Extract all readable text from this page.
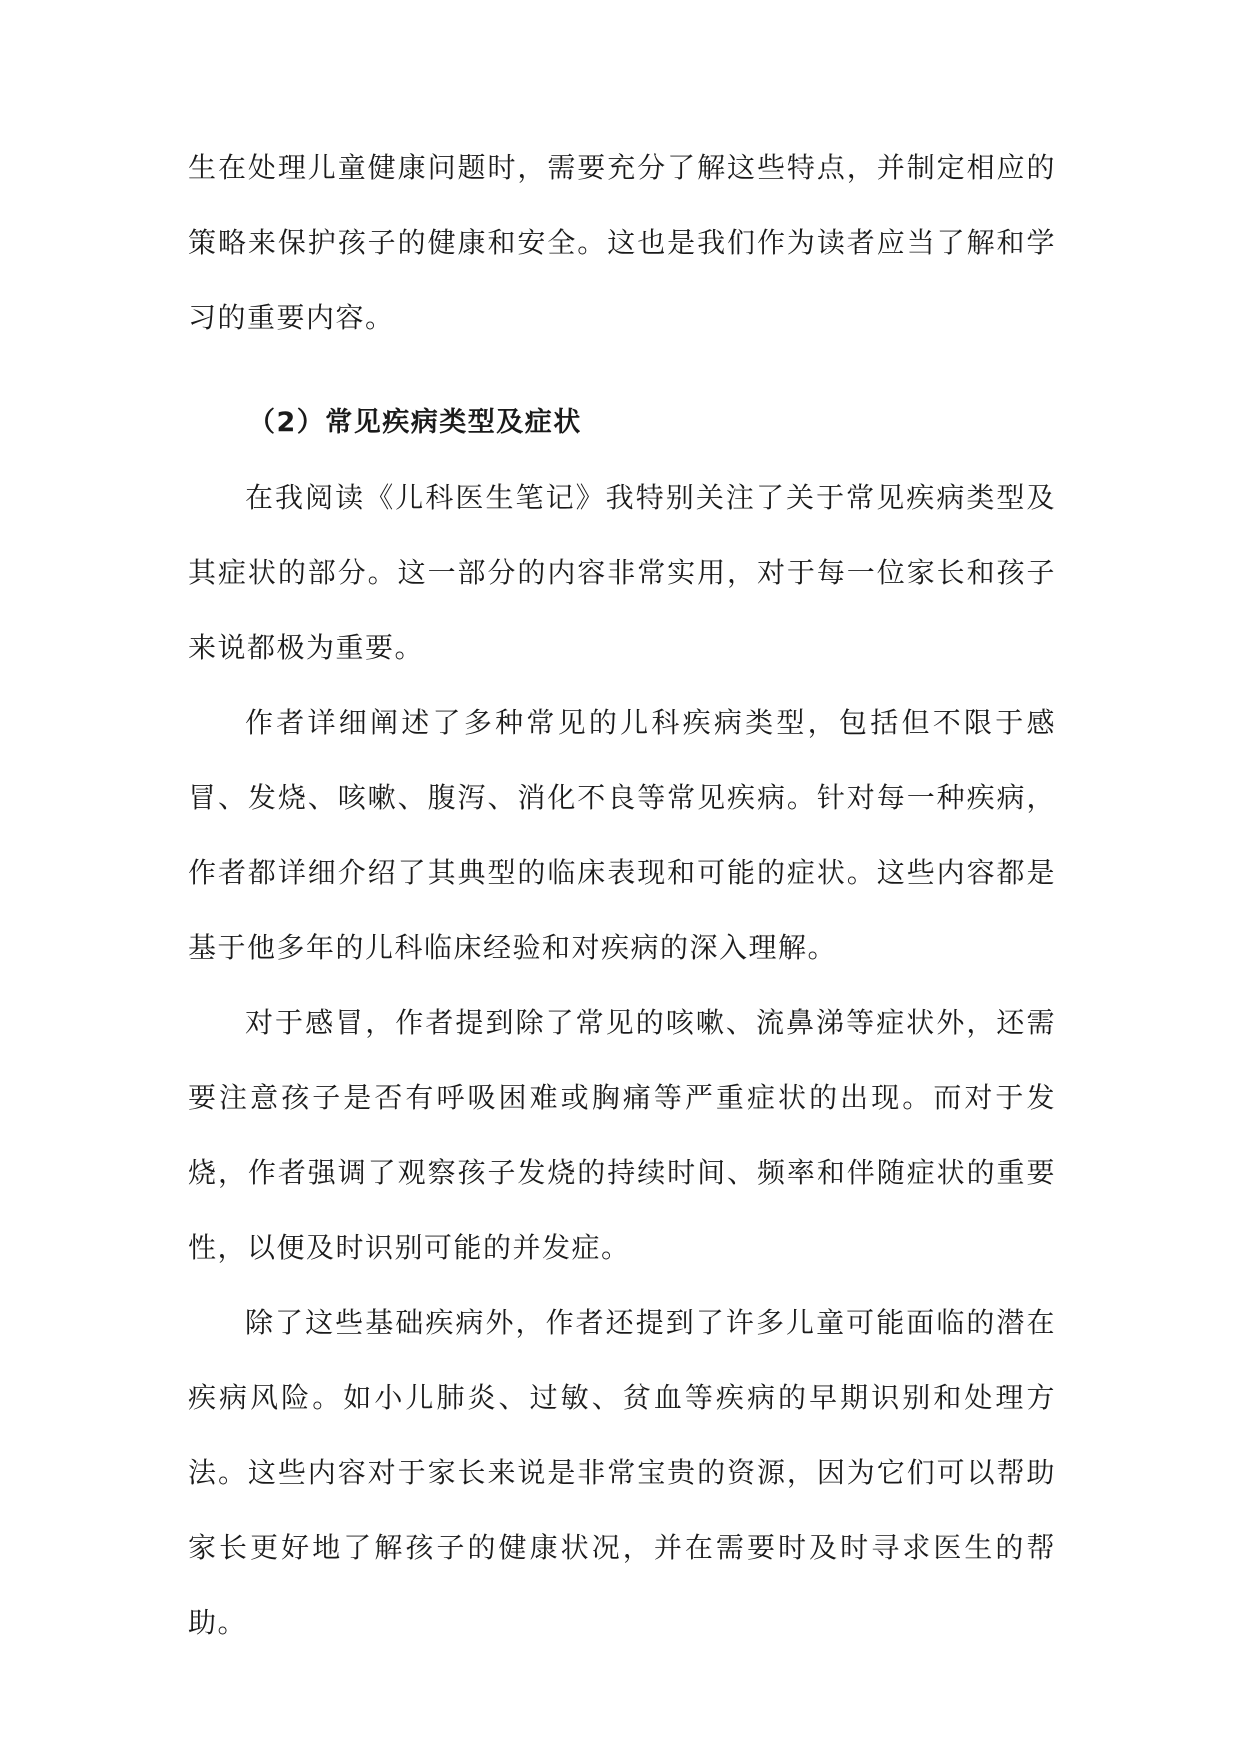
生在处理儿童健康问题时，需要充分了解这些特点，并制定相应的策略来保护孩子的健康和安全。这也是我们作为读者应当了解和学习的重要内容。

（2）常见疾病类型及症状

在我阅读《儿科医生笔记》我特别关注了关于常见疾病类型及其症状的部分。这一部分的内容非常实用，对于每一位家长和孩子来说都极为重要。

作者详细阐述了多种常见的儿科疾病类型，包括但不限于感冒、发烧、咳嗽、腹泻、消化不良等常见疾病。针对每一种疾病，作者都详细介绍了其典型的临床表现和可能的症状。这些内容都是基于他多年的儿科临床经验和对疾病的深入理解。

对于感冒，作者提到除了常见的咳嗽、流鼻涕等症状外，还需要注意孩子是否有呼吸困难或胸痛等严重症状的出现。而对于发烧，作者强调了观察孩子发烧的持续时间、频率和伴随症状的重要性，以便及时识别可能的并发症。

除了这些基础疾病外，作者还提到了许多儿童可能面临的潜在疾病风险。如小儿肺炎、过敏、贫血等疾病的早期识别和处理方法。这些内容对于家长来说是非常宝贵的资源，因为它们可以帮助家长更好地了解孩子的健康状况，并在需要时及时寻求医生的帮助。
